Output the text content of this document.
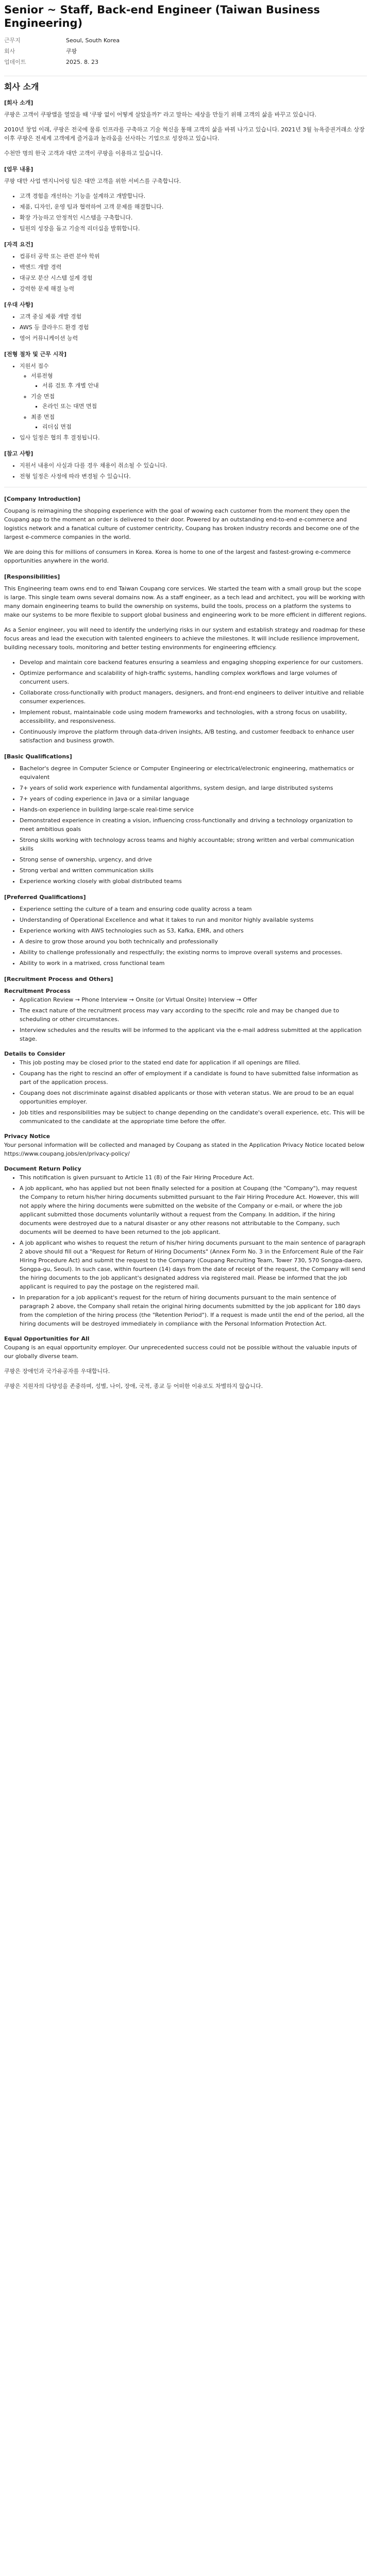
Senior ~ Staff, Back-end Engineer (Taiwan Business Engineering)
근무지	Seoul, South Korea
회사	쿠팡
업데이트	2025. 8. 23
회사 소개
[회사 소개]

쿠팡은 고객이 쿠팡앱을 열었을 때 '쿠팡 없이 어떻게 살았을까?' 라고 말하는 세상을 만들기 위해 고객의 삶을 바꾸고 있습니다.

2010년 창업 이래, 쿠팡은 전국에 물류 인프라를 구축하고 기술 혁신을 통해 고객의 삶을 바꿔 나가고 있습니다. 2021년 3월 뉴욕증권거래소 상장 이후 쿠팡은 전세계 고객에게 즐거움과 놀라움을 선사하는 기업으로 성장하고 있습니다.

수천만 명의 한국 고객과 대만 고객이 쿠팡을 이용하고 있습니다.

[업무 내용]

쿠팡 대만 사업 엔지니어링 팀은 대만 고객을 위한 서비스를 구축합니다.

• 고객 경험을 개선하는 기능을 설계하고 개발합니다.
• 제품, 디자인, 운영 팀과 협력하여 고객 문제를 해결합니다.
• 확장 가능하고 안정적인 시스템을 구축합니다.
• 팀원의 성장을 돕고 기술적 리더십을 발휘합니다.
[자격 요건]
• 컴퓨터 공학 또는 관련 분야 학위
• 백엔드 개발 경력
• 대규모 분산 시스템 설계 경험
• 강력한 문제 해결 능력
[우대 사항]
• 고객 중심 제품 개발 경험
• AWS 등 클라우드 환경 경험
• 영어 커뮤니케이션 능력
[전형 절차 및 근무 시작]
• 지원서 접수
◦ 서류전형
▪ 서류 검토 후 개별 안내
◦ 기술 면접
▪ 온라인 또는 대면 면접
◦ 최종 면접
▪ 리더십 면접
• 입사 일정은 협의 후 결정됩니다.
[참고 사항]
• 지원서 내용이 사실과 다를 경우 채용이 취소될 수 있습니다.
• 전형 일정은 사정에 따라 변경될 수 있습니다.
[Company Introduction]

Coupang is reimagining the shopping experience with the goal of wowing each customer from the moment they open the Coupang app to the moment an order is delivered to their door. Powered by an outstanding end-to-end e-commerce and logistics network and a fanatical culture of customer centricity, Coupang has broken industry records and become one of the largest e-commerce companies in the world.

We are doing this for millions of consumers in Korea. Korea is home to one of the largest and fastest-growing e-commerce opportunities anywhere in the world.

[Responsibilities]

This Engineering team owns end to end Taiwan Coupang core services. We started the team with a small group but the scope is large. This single team owns several domains now. As a staff engineer, as a tech lead and architect, you will be working with many domain engineering teams to build the ownership on systems, build the tools, process on a platform the systems to make our systems to be more flexible to support global business and engineering work to be more efficient in different regions.

As a Senior engineer, you will need to identify the underlying risks in our system and establish strategy and roadmap for these focus areas and lead the execution with talented engineers to achieve the milestones. It will include resilience improvement, building necessary tools, monitoring and better testing environments for engineering efficiency.

• Develop and maintain core backend features ensuring a seamless and engaging shopping experience for our customers.
• Optimize performance and scalability of high-traffic systems, handling complex workflows and large volumes of concurrent users.
• Collaborate cross-functionally with product managers, designers, and front-end engineers to deliver intuitive and reliable consumer experiences.
• Implement robust, maintainable code using modern frameworks and technologies, with a strong focus on usability, accessibility, and responsiveness.
• Continuously improve the platform through data-driven insights, A/B testing, and customer feedback to enhance user satisfaction and business growth.
[Basic Qualifications]
• Bachelor's degree in Computer Science or Computer Engineering or electrical/electronic engineering, mathematics or equivalent
• 7+ years of solid work experience with fundamental algorithms, system design, and large distributed systems
• 7+ years of coding experience in Java or a similar language
• Hands-on experience in building large-scale real-time service
• Demonstrated experience in creating a vision, influencing cross-functionally and driving a technology organization to meet ambitious goals
• Strong skills working with technology across teams and highly accountable; strong written and verbal communication skills
• Strong sense of ownership, urgency, and drive
• Strong verbal and written communication skills
• Experience working closely with global distributed teams
[Preferred Qualifications]
• Experience setting the culture of a team and ensuring code quality across a team
• Understanding of Operational Excellence and what it takes to run and monitor highly available systems
• Experience working with AWS technologies such as S3, Kafka, EMR, and others
• A desire to grow those around you both technically and professionally
• Ability to challenge professionally and respectfully; the existing norms to improve overall systems and processes.
• Ability to work in a matrixed, cross functional team
[Recruitment Process and Others]
Recruitment Process
• Application Review → Phone Interview → Onsite (or Virtual Onsite) Interview → Offer
• The exact nature of the recruitment process may vary according to the specific role and may be changed due to scheduling or other circumstances.
• Interview schedules and the results will be informed to the applicant via the e-mail address submitted at the application stage.
Details to Consider
• This job posting may be closed prior to the stated end date for application if all openings are filled.
• Coupang has the right to rescind an offer of employment if a candidate is found to have submitted false information as part of the application process.
• Coupang does not discriminate against disabled applicants or those with veteran status. We are proud to be an equal opportunities employer.
• Job titles and responsibilities may be subject to change depending on the candidate's overall experience, etc. This will be communicated to the candidate at the appropriate time before the offer.
Privacy Notice

Your personal information will be collected and managed by Coupang as stated in the Application Privacy Notice located below https://www.coupang.jobs/en/privacy-policy/

Document Return Policy
• This notification is given pursuant to Article 11 (8) of the Fair Hiring Procedure Act.
• A job applicant, who has applied but not been finally selected for a position at Coupang (the "Company"), may request the Company to return his/her hiring documents submitted pursuant to the Fair Hiring Procedure Act. However, this will not apply where the hiring documents were submitted on the website of the Company or e-mail, or where the job applicant submitted those documents voluntarily without a request from the Company. In addition, if the hiring documents were destroyed due to a natural disaster or any other reasons not attributable to the Company, such documents will be deemed to have been returned to the job applicant.
• A job applicant who wishes to request the return of his/her hiring documents pursuant to the main sentence of paragraph 2 above should fill out a "Request for Return of Hiring Documents" (Annex Form No. 3 in the Enforcement Rule of the Fair Hiring Procedure Act) and submit the request to the Company (Coupang Recruiting Team, Tower 730, 570 Songpa-daero, Songpa-gu, Seoul). In such case, within fourteen (14) days from the date of receipt of the request, the Company will send the hiring documents to the job applicant's designated address via registered mail. Please be informed that the job applicant is required to pay the postage on the registered mail.
• In preparation for a job applicant's request for the return of hiring documents pursuant to the main sentence of paragraph 2 above, the Company shall retain the original hiring documents submitted by the job applicant for 180 days from the completion of the hiring process (the "Retention Period"). If a request is made until the end of the period, all the hiring documents will be destroyed immediately in compliance with the Personal Information Protection Act.
Equal Opportunities for All

Coupang is an equal opportunity employer. Our unprecedented success could not be possible without the valuable inputs of our globally diverse team.

쿠팡은 장애인과 국가유공자를 우대합니다.

쿠팡은 지원자의 다양성을 존중하며, 성별, 나이, 장애, 국적, 종교 등 어떠한 이유로도 차별하지 않습니다.
